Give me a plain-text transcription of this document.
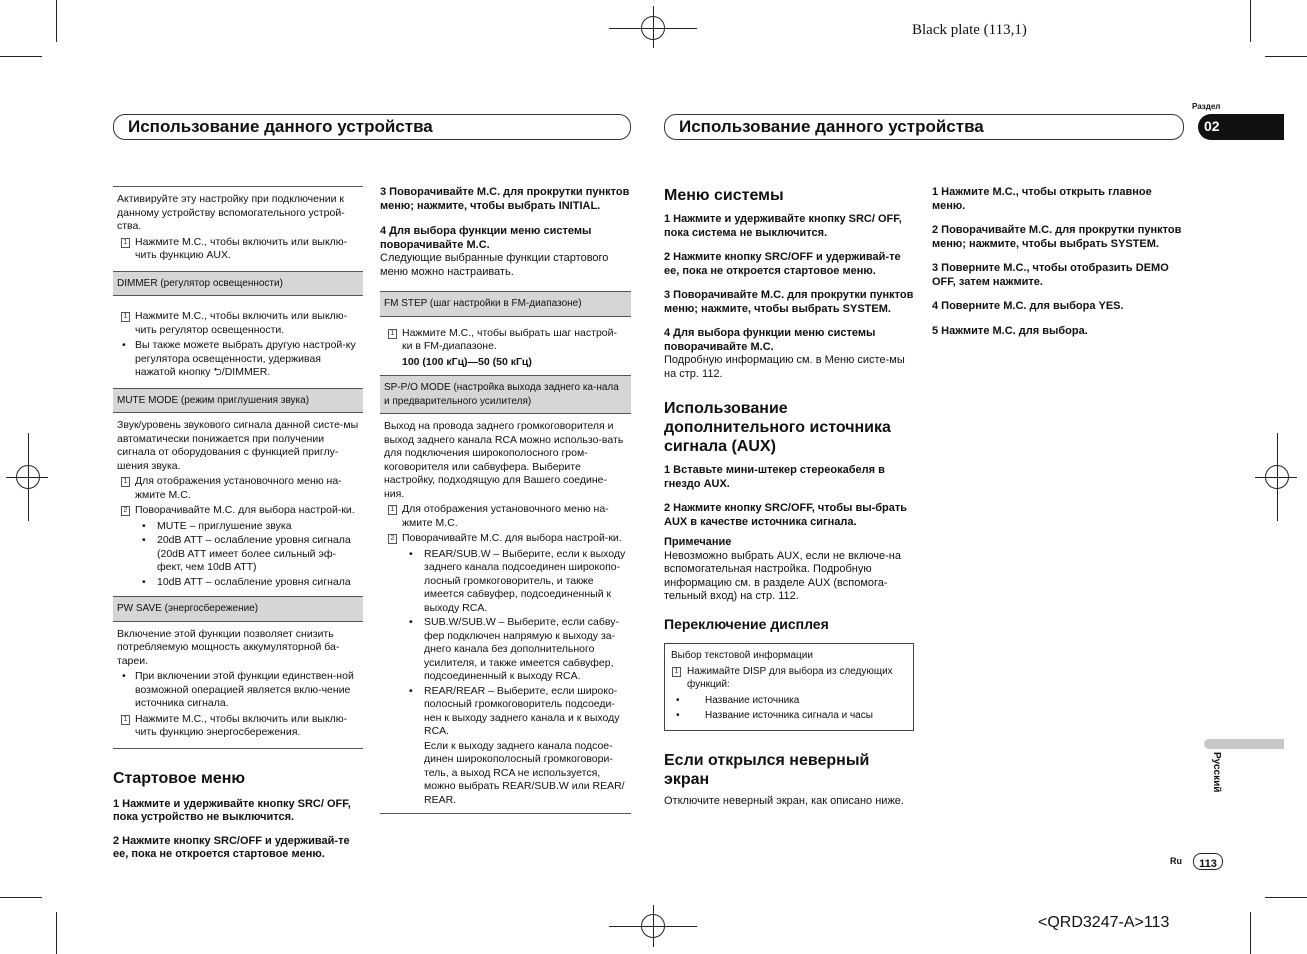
Black plate (113,1)
<QRD3247-A>113
Использование данного устройства	Использование данного устройства
Раздел
02
Русский
Ru	113
Активируйте эту настройку при подключении к данному устройству вспомогательного устрой-ства.
1 Нажмите M.C., чтобы включить или выклю-чить функцию AUX.
DIMMER (регулятор освещенности)
1 Нажмите M.C., чтобы включить или выклю-чить регулятор освещенности.
• Вы также можете выбрать другую настрой-ку регулятора освещенности, удерживая нажатой кнопку ⮌/DIMMER.
MUTE MODE (режим приглушения звука)
Звук/уровень звукового сигнала данной систе-мы автоматически понижается при получении сигнала от оборудования с функцией приглу-шения звука.
1 Для отображения установочного меню на-жмите M.C.
2 Поворачивайте M.C. для выбора настрой-ки.
• MUTE – приглушение звука
• 20dB ATT – ослабление уровня сигнала (20dB ATT имеет более сильный эф-фект, чем 10dB ATT)
• 10dB ATT – ослабление уровня сигнала
PW SAVE (энергосбережение)
Включение этой функции позволяет снизить потребляемую мощность аккумуляторной ба-тареи.
• При включении этой функции единствен-ной возможной операцией является вклю-чение источника сигнала.
1 Нажмите M.C., чтобы включить или выклю-чить функцию энергосбережения.
Стартовое меню
1 Нажмите и удерживайте кнопку SRC/ OFF, пока устройство не выключится.
2 Нажмите кнопку SRC/OFF и удерживай-те ее, пока не откроется стартовое меню.
3 Поворачивайте M.C. для прокрутки пунктов меню; нажмите, чтобы выбрать INITIAL.
4 Для выбора функции меню системы поворачивайте M.C.
Следующие выбранные функции стартового меню можно настраивать.
FM STEP (шаг настройки в FM-диапазоне)
1 Нажмите M.C., чтобы выбрать шаг настрой-ки в FM-диапазоне.
100 (100 кГц)—50 (50 кГц)
SP-P/O MODE (настройка выхода заднего ка-нала и предварительного усилителя)
Выход на провода заднего громкоговорителя и выход заднего канала RCA можно использо-вать для подключения широкополосного гром-коговорителя или сабвуфера. Выберите настройку, подходящую для Вашего соедине-ния.
1 Для отображения установочного меню на-жмите M.C.
2 Поворачивайте M.C. для выбора настрой-ки.
• REAR/SUB.W – Выберите, если к выходу заднего канала подсоединен широкопо-лосный громкоговоритель, и также имеется сабвуфер, подсоединенный к выходу RCA.
• SUB.W/SUB.W – Выберите, если сабву-фер подключен напрямую к выходу за-днего канала без дополнительного усилителя, и также имеется сабвуфер, подсоединенный к выходу RCA.
• REAR/REAR – Выберите, если широко-полосный громкоговоритель подсоеди-нен к выходу заднего канала и к выходу RCA.
Если к выходу заднего канала подсое-динен широкополосный громкоговори-тель, а выход RCA не используется, можно выбрать REAR/SUB.W или REAR/ REAR.
Меню системы
1 Нажмите и удерживайте кнопку SRC/ OFF, пока система не выключится.
2 Нажмите кнопку SRC/OFF и удерживай-те ее, пока не откроется стартовое меню.
3 Поворачивайте M.C. для прокрутки пунктов меню; нажмите, чтобы выбрать SYSTEM.
4 Для выбора функции меню системы поворачивайте M.C.
Подробную информацию см. в Меню систе-мы на стр. 112.
Использование дополнительного источника сигнала (AUX)
1 Вставьте мини-штекер стереокабеля в гнездо AUX.
2 Нажмите кнопку SRC/OFF, чтобы вы-брать AUX в качестве источника сигнала.
Примечание
Невозможно выбрать AUX, если не включе-на вспомогательная настройка. Подробную информацию см. в разделе AUX (вспомога-тельный вход) на стр. 112.
Переключение дисплея
Выбор текстовой информации
1 Нажимайте DISP для выбора из следующих функций:
• Название источника
• Название источника сигнала и часы
Если открылся неверный экран
Отключите неверный экран, как описано ниже.
1 Нажмите M.C., чтобы открыть главное меню.
2 Поворачивайте M.C. для прокрутки пунктов меню; нажмите, чтобы выбрать SYSTEM.
3 Поверните M.C., чтобы отобразить DEMO OFF, затем нажмите.
4 Поверните M.C. для выбора YES.
5 Нажмите M.C. для выбора.
